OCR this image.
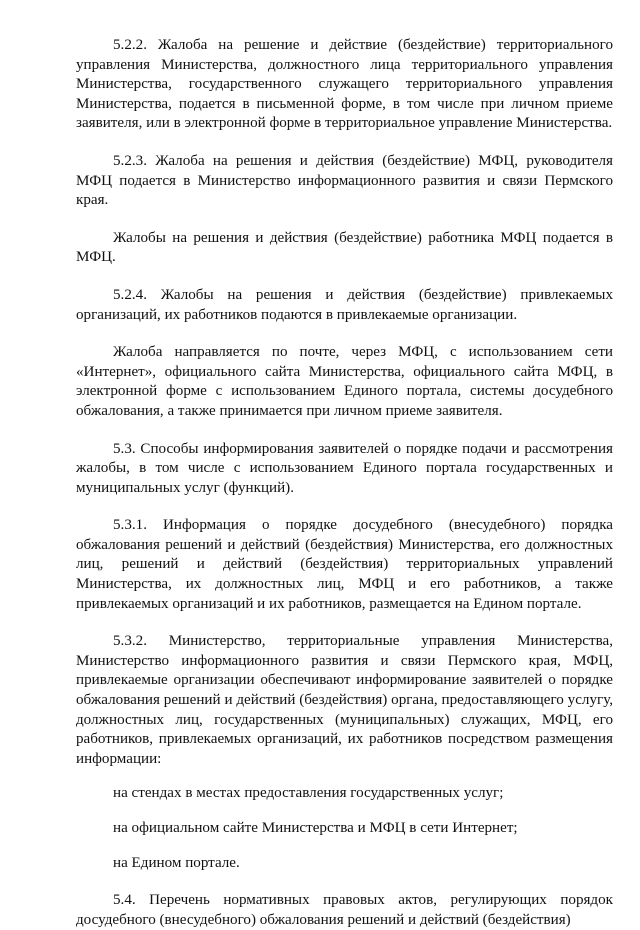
5.2.2. Жалоба на решение и действие (бездействие) территориального управления Министерства, должностного лица территориального управления Министерства, государственного служащего территориального управления Министерства, подается в письменной форме, в том числе при личном приеме заявителя, или в электронной форме в территориальное управление Министерства.

5.2.3. Жалоба на решения и действия (бездействие) МФЦ, руководителя МФЦ подается в Министерство информационного развития и связи Пермского края.

Жалобы на решения и действия (бездействие) работника МФЦ подается в МФЦ.

5.2.4. Жалобы на решения и действия (бездействие) привлекаемых организаций, их работников подаются в привлекаемые организации.

Жалоба направляется по почте, через МФЦ, с использованием сети «Интернет», официального сайта Министерства, официального сайта МФЦ, в электронной форме с использованием Единого портала, системы досудебного обжалования, а также принимается при личном приеме заявителя.

5.3. Способы информирования заявителей о порядке подачи и рассмотрения жалобы, в том числе с использованием Единого портала государственных и муниципальных услуг (функций).

5.3.1. Информация о порядке досудебного (внесудебного) порядка обжалования решений и действий (бездействия) Министерства, его должностных лиц, решений и действий (бездействия) территориальных управлений Министерства, их должностных лиц, МФЦ и его работников, а также привлекаемых организаций и их работников, размещается на Едином портале.

5.3.2. Министерство, территориальные управления Министерства, Министерство информационного развития и связи Пермского края, МФЦ, привлекаемые организации обеспечивают информирование заявителей о порядке обжалования решений и действий (бездействия) органа, предоставляющего услугу, должностных лиц, государственных (муниципальных) служащих, МФЦ, его работников, привлекаемых организаций, их работников посредством размещения информации:

на стендах в местах предоставления государственных услуг;

на официальном сайте Министерства и МФЦ в сети Интернет;

на Едином портале.

5.4. Перечень нормативных правовых актов, регулирующих порядок досудебного (внесудебного) обжалования решений и действий (бездействия)
